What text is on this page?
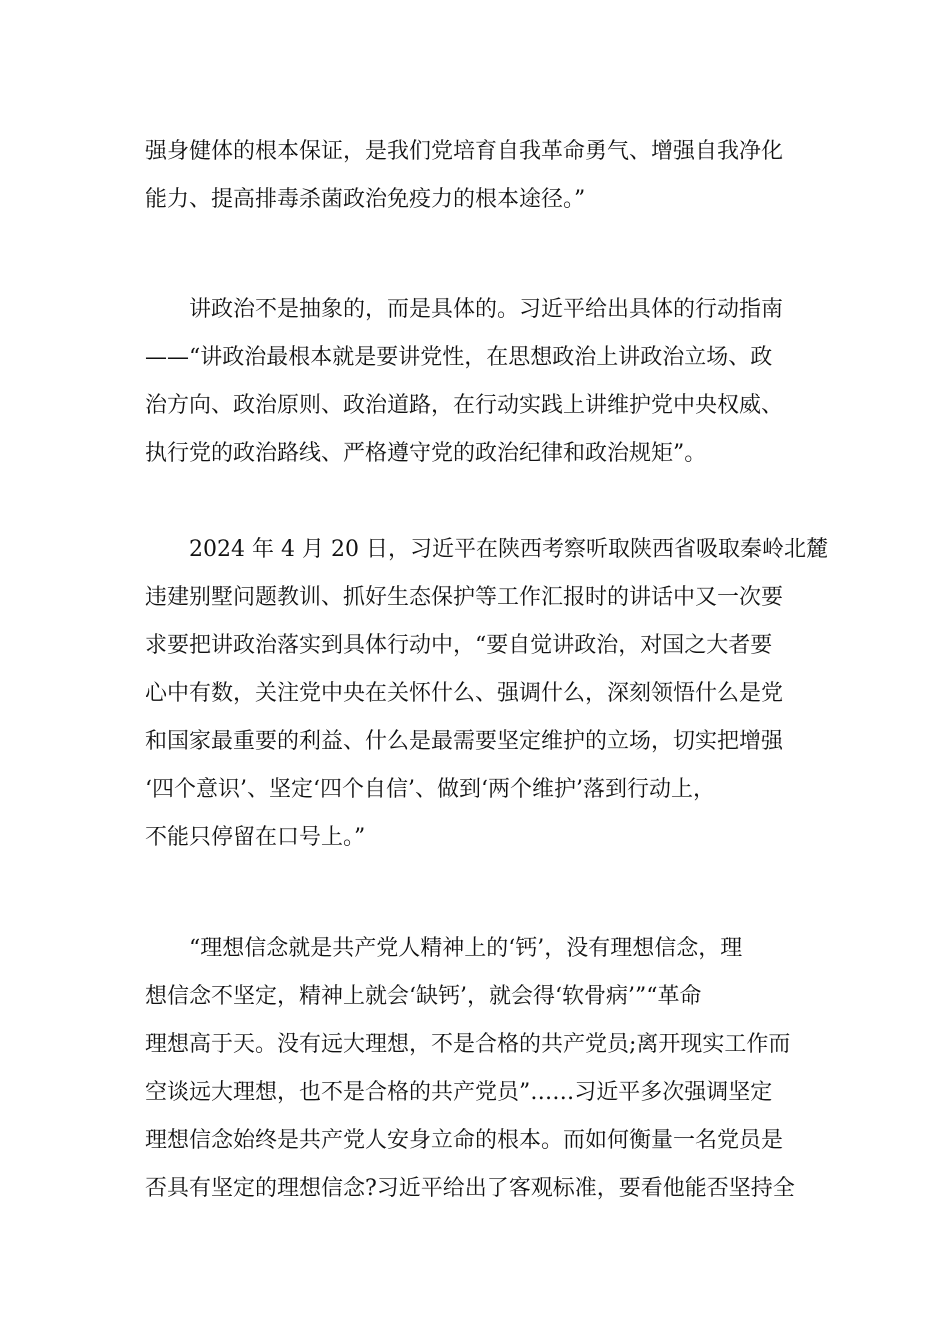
强身健体的根本保证，是我们党培育自我革命勇气、增强自我净化
能力、提高排毒杀菌政治免疫力的根本途径。”
讲政治不是抽象的，而是具体的。习近平给出具体的行动指南
——“讲政治最根本就是要讲党性，在思想政治上讲政治立场、政
治方向、政治原则、政治道路，在行动实践上讲维护党中央权威、
执行党的政治路线、严格遵守党的政治纪律和政治规矩”。
2024 年 4 月 20 日，习近平在陕西考察听取陕西省吸取秦岭北麓
违建别墅问题教训、抓好生态保护等工作汇报时的讲话中又一次要
求要把讲政治落实到具体行动中，“要自觉讲政治，对国之大者要
心中有数，关注党中央在关怀什么、强调什么，深刻领悟什么是党
和国家最重要的利益、什么是最需要坚定维护的立场，切实把增强
‘四个意识’、坚定‘四个自信’、做到‘两个维护’落到行动上，
不能只停留在口号上。”
“理想信念就是共产党人精神上的‘钙’，没有理想信念，理
想信念不坚定，精神上就会‘缺钙’，就会得‘软骨病’”“革命
理想高于天。没有远大理想，不是合格的共产党员;离开现实工作而
空谈远大理想，也不是合格的共产党员”……习近平多次强调坚定
理想信念始终是共产党人安身立命的根本。而如何衡量一名党员是
否具有坚定的理想信念?习近平给出了客观标准，要看他能否坚持全
